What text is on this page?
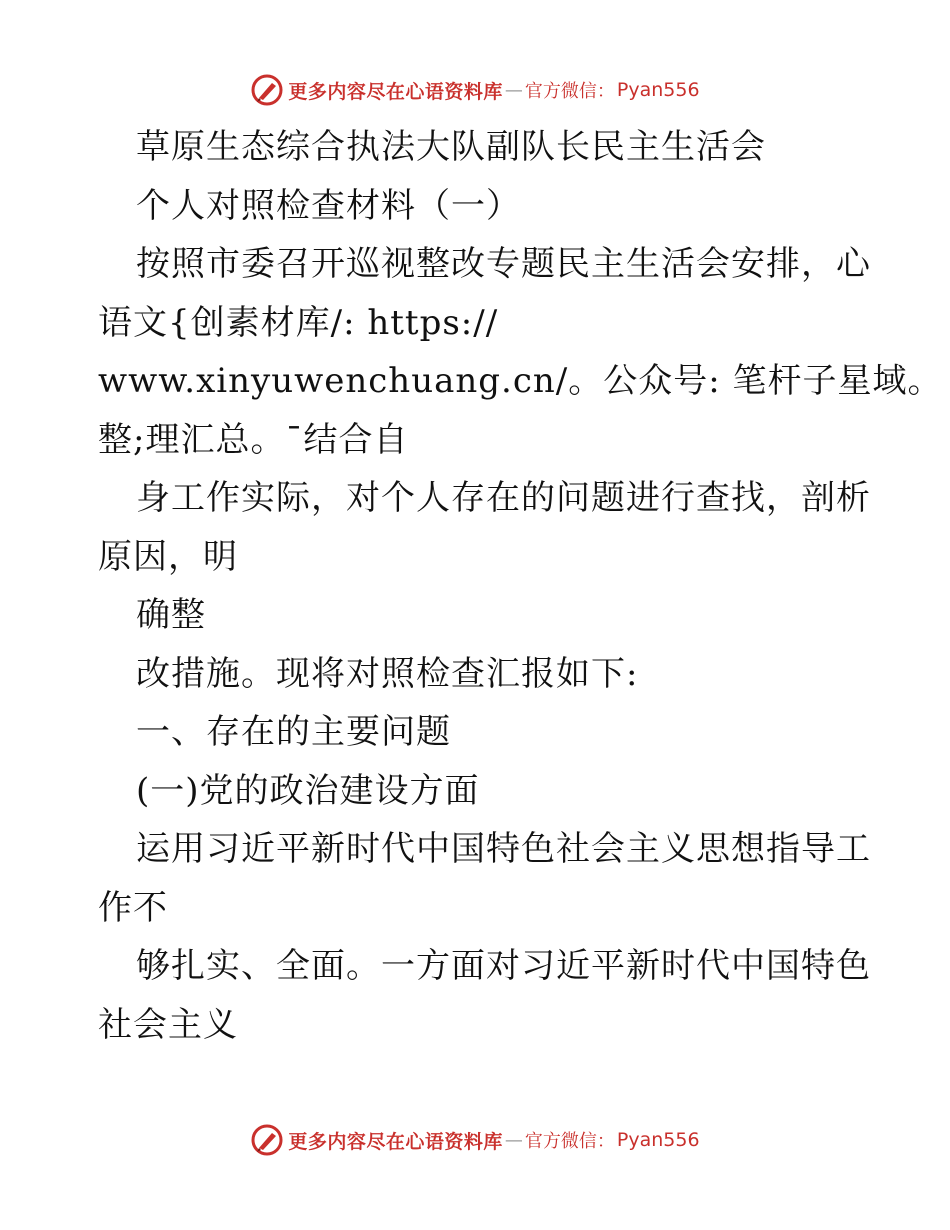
更多内容尽在心语资料库 — 官方微信： Pyan556
草原生态综合执法大队副队长民主生活会
个人对照检查材料（一）
按照市委召开巡视整改专题民主生活会安排，心
语文{创素材库/: https://
www.xinyuwenchuang.cn/。公众号: 笔杆子星域。
整;理汇总。¯结合自
身工作实际，对个人存在的问题进行查找，剖析
原因，明
确整
改措施。现将对照检查汇报如下:
一、存在的主要问题
(一)党的政治建设方面
运用习近平新时代中国特色社会主义思想指导工
作不
够扎实、全面。一方面对习近平新时代中国特色
社会主义
更多内容尽在心语资料库 — 官方微信： Pyan556
